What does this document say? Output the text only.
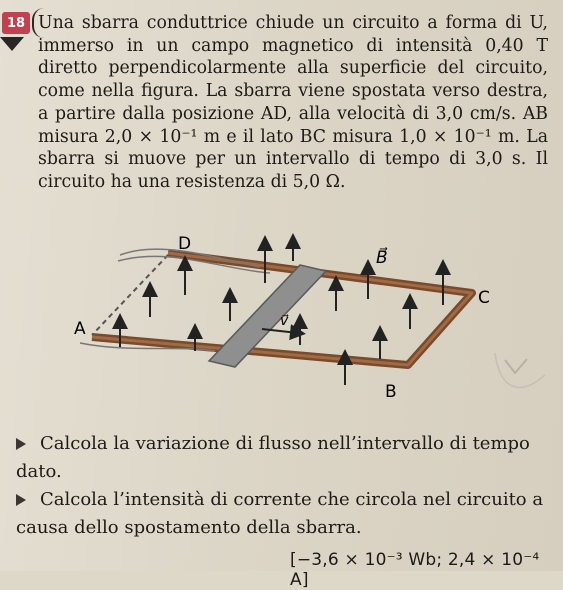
18 Una sbarra conduttrice chiude un circuito a forma di U, immerso in un campo magnetico di intensità 0,40 T diretto perpendicolarmente alla superficie del circuito, come nella figura. La sbarra viene spostata verso destra, a partire dalla posizione AD, alla velocità di 3,0 cm/s. AB misura 2,0 × 10⁻¹ m e il lato BC misura 1,0 × 10⁻¹ m. La sbarra si muove per un intervallo di tempo di 3,0 s. Il circuito ha una resistenza di 5,0 Ω.
D
A
B
C
B⃗
v⃗
Calcola la variazione di flusso nell’intervallo di tempo dato.
Calcola l’intensità di corrente che circola nel circuito a causa dello spostamento della sbarra.
[−3,6 × 10⁻³ Wb; 2,4 × 10⁻⁴ A]
